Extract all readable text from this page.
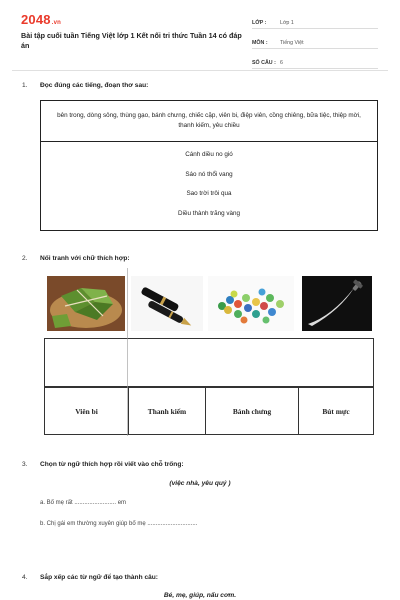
2048.vn
Bài tập cuối tuần Tiếng Việt lớp 1 Kết nối tri thức Tuần 14 có đáp án
LỚP :	Lớp 1
MÔN :	Tiếng Việt
SỐ CÂU : 6
1. Đọc đúng các tiếng, đoạn thơ sau:
bên trong, dòng sông, thùng gạo, bánh chưng, chiếc cặp, viên bi, điệp viên, cồng chiêng, bữa tiệc, thiệp mời, thanh kiếm, yêu chiều
Cánh diều no gió
Sáo nó thổi vang
Sao trời trôi qua
Diều thành trăng vàng
2. Nối tranh với chữ thích hợp:
Viên bi	Thanh kiếm	Bánh chưng	Bút mực
3. Chọn từ ngữ thích hợp rồi viết vào chỗ trống:
(việc nhà, yêu quý )
a. Bố mẹ rất ......................... em
b. Chị gái em thường xuyên giúp bố mẹ ..............................
4. Sắp xếp các từ ngữ để tạo thành câu:
Bé, mẹ, giúp, nấu cơm.
